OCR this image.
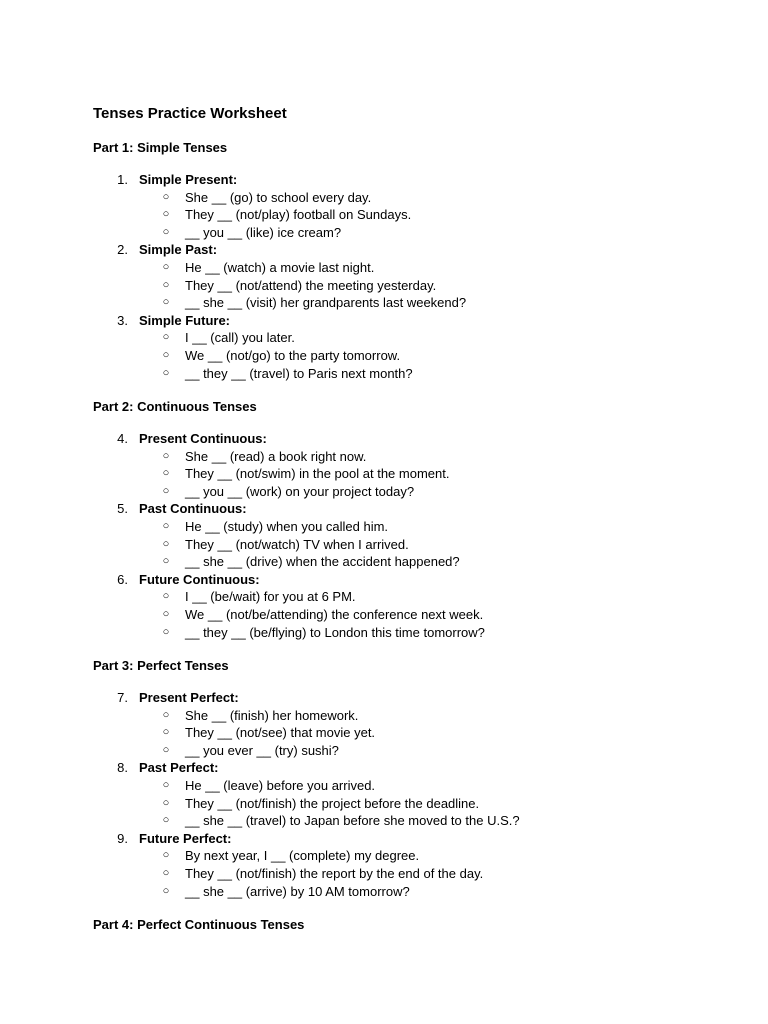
Tenses Practice Worksheet
Part 1: Simple Tenses
1. Simple Present:
○ She __ (go) to school every day.
○ They __ (not/play) football on Sundays.
○ __ you __ (like) ice cream?
2. Simple Past:
○ He __ (watch) a movie last night.
○ They __ (not/attend) the meeting yesterday.
○ __ she __ (visit) her grandparents last weekend?
3. Simple Future:
○ I __ (call) you later.
○ We __ (not/go) to the party tomorrow.
○ __ they __ (travel) to Paris next month?
Part 2: Continuous Tenses
4. Present Continuous:
○ She __ (read) a book right now.
○ They __ (not/swim) in the pool at the moment.
○ __ you __ (work) on your project today?
5. Past Continuous:
○ He __ (study) when you called him.
○ They __ (not/watch) TV when I arrived.
○ __ she __ (drive) when the accident happened?
6. Future Continuous:
○ I __ (be/wait) for you at 6 PM.
○ We __ (not/be/attending) the conference next week.
○ __ they __ (be/flying) to London this time tomorrow?
Part 3: Perfect Tenses
7. Present Perfect:
○ She __ (finish) her homework.
○ They __ (not/see) that movie yet.
○ __ you ever __ (try) sushi?
8. Past Perfect:
○ He __ (leave) before you arrived.
○ They __ (not/finish) the project before the deadline.
○ __ she __ (travel) to Japan before she moved to the U.S.?
9. Future Perfect:
○ By next year, I __ (complete) my degree.
○ They __ (not/finish) the report by the end of the day.
○ __ she __ (arrive) by 10 AM tomorrow?
Part 4: Perfect Continuous Tenses
